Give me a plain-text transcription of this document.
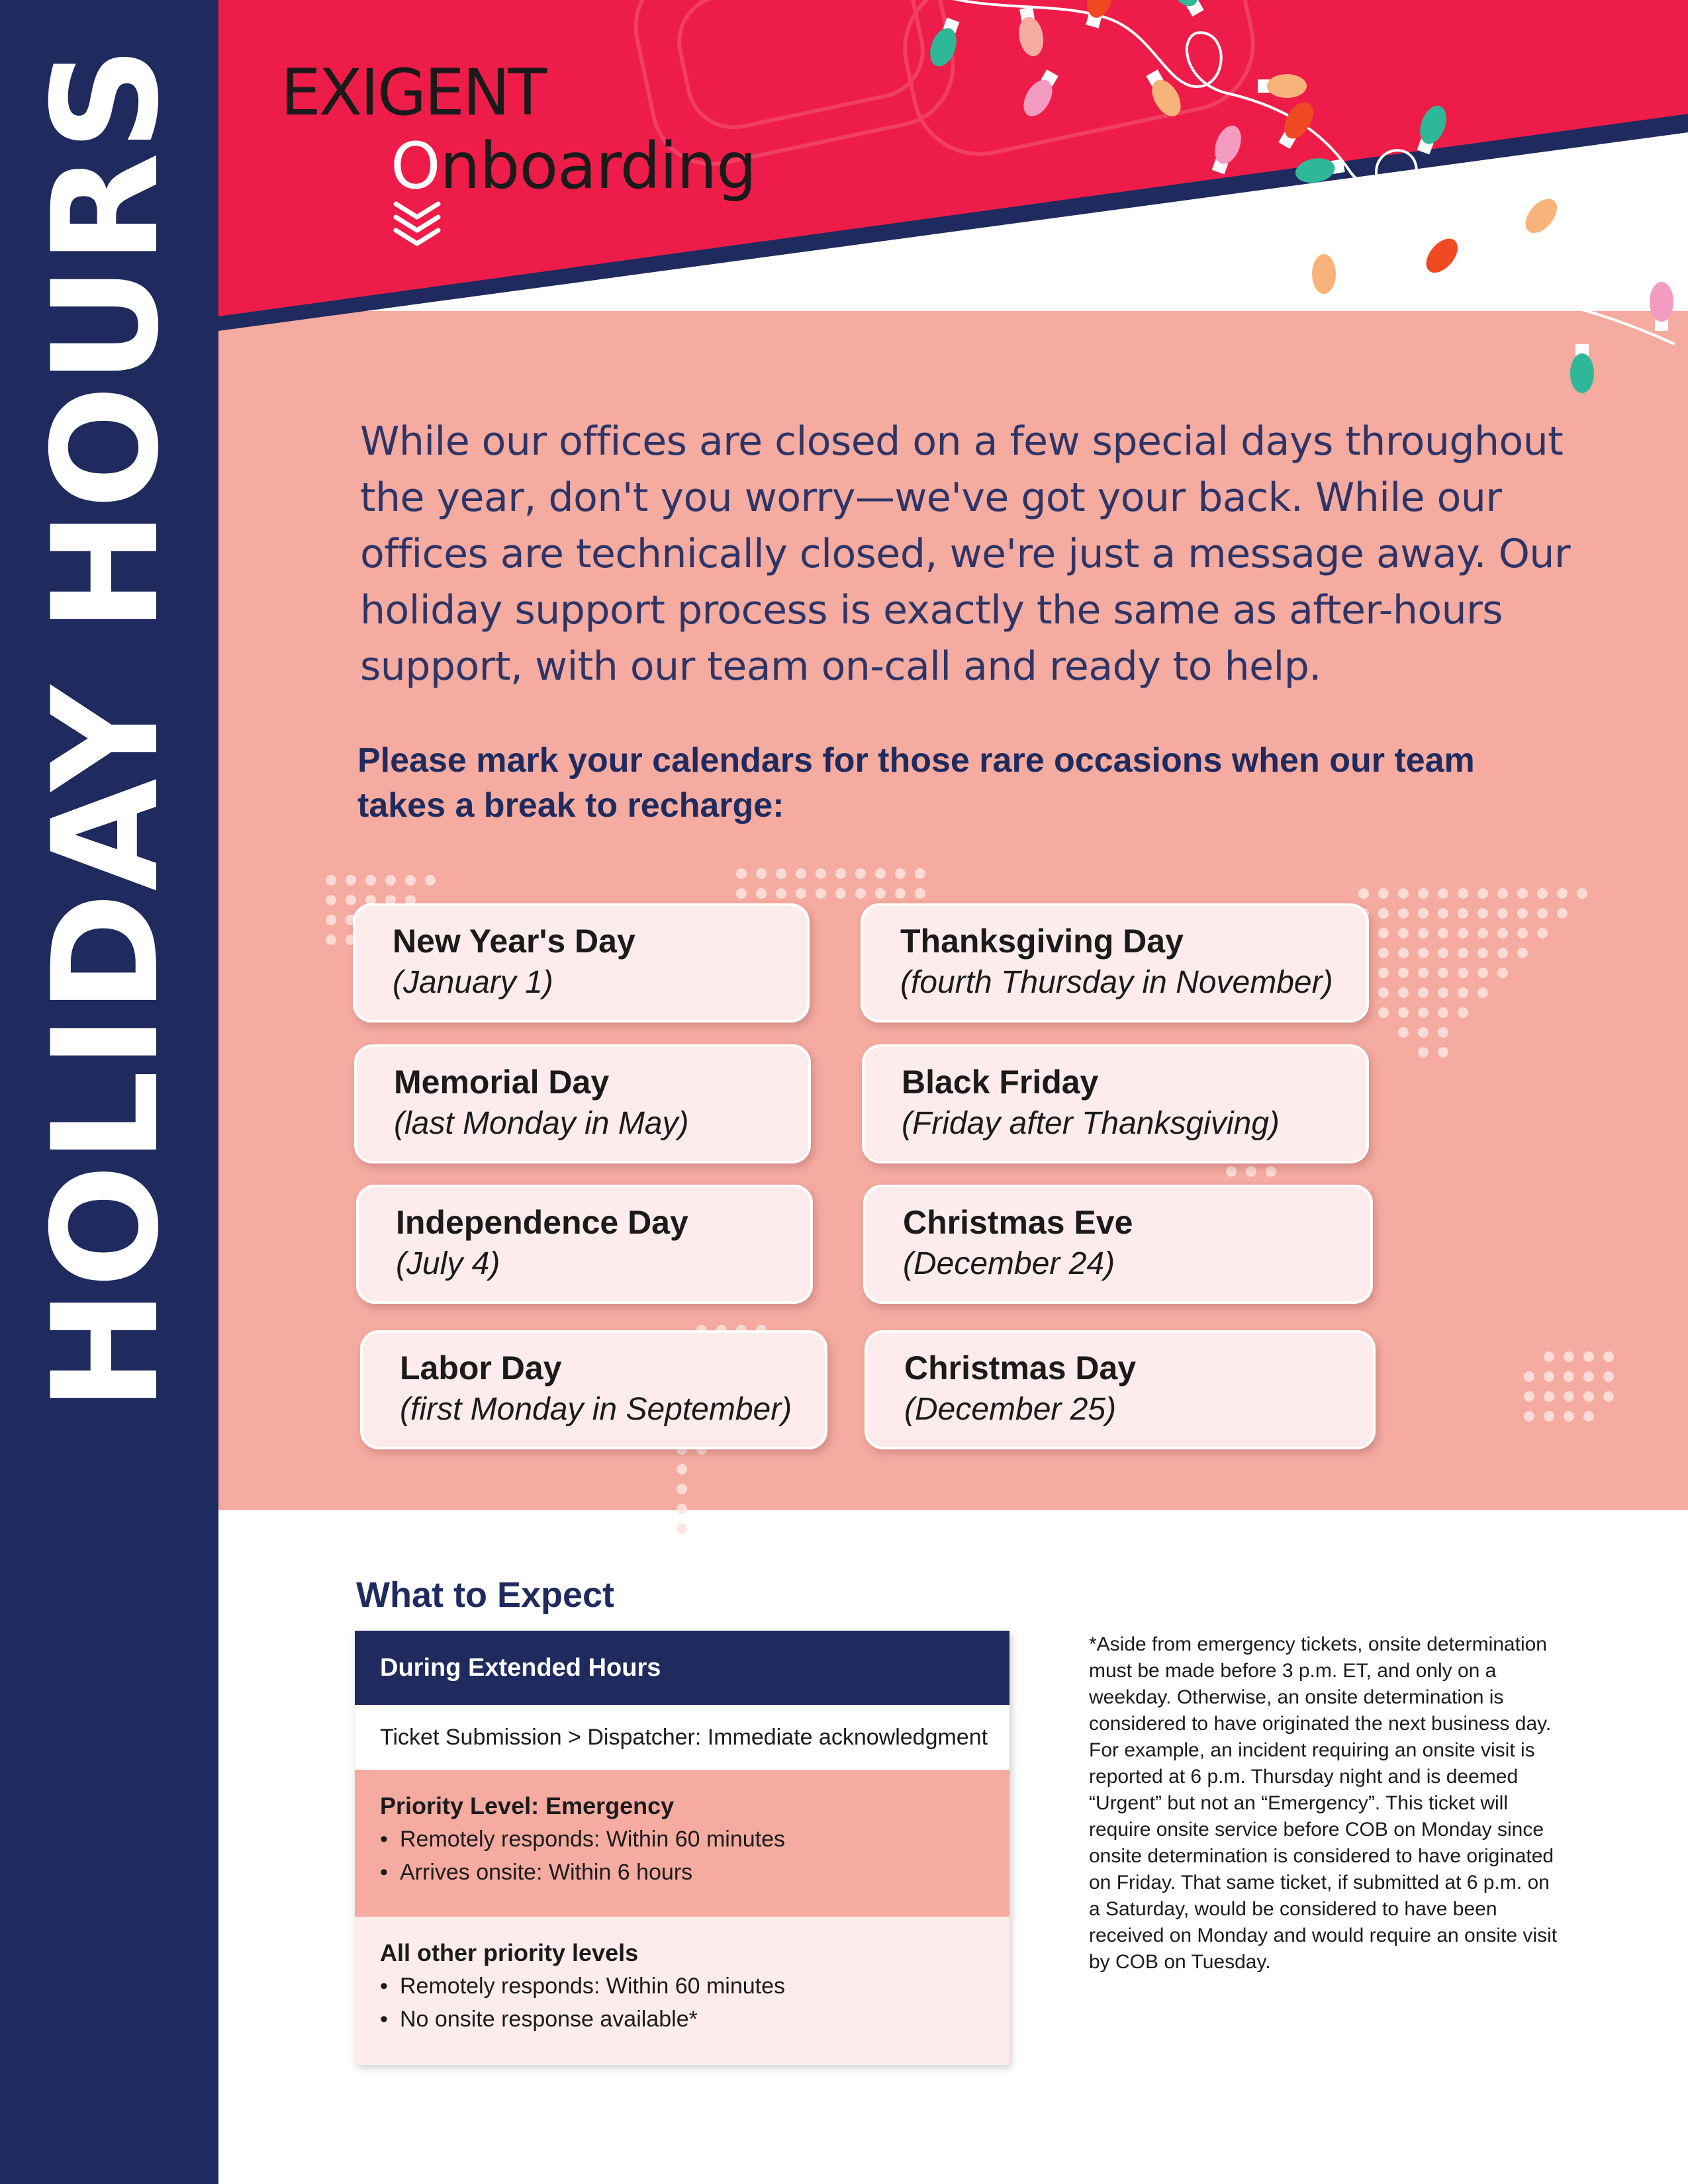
HOLIDAY HOURS EXIGENT
Onboarding

While our offices are closed on a few special days throughout the year, don't you worry—we've got your back. While our offices are technically closed, we're just a message away. Our holiday support process is exactly the same as after-hours support, with our team on-call and ready to help.

Please mark your calendars for those rare occasions when our team takes a break to recharge:

New Year's Day
(January 1)
Thanksgiving Day
(fourth Thursday in November)
Memorial Day
(last Monday in May)
Black Friday
(Friday after Thanksgiving)
Independence Day
(July 4)
Christmas Eve
(December 24)
Labor Day
(first Monday in September)
Christmas Day
(December 25)
What to Expect
During Extended Hours
Ticket Submission > Dispatcher: Immediate acknowledgment
Priority Level: Emergency
• Remotely responds: Within 60 minutes
• Arrives onsite: Within 6 hours
All other priority levels
• Remotely responds: Within 60 minutes
• No onsite response available*

*Aside from emergency tickets, onsite determination must be made before 3 p.m. ET, and only on a weekday. Otherwise, an onsite determination is considered to have originated the next business day. For example, an incident requiring an onsite visit is reported at 6 p.m. Thursday night and is deemed “Urgent” but not an “Emergency”. This ticket will require onsite service before COB on Monday since onsite determination is considered to have originated on Friday. That same ticket, if submitted at 6 p.m. on a Saturday, would be considered to have been received on Monday and would require an onsite visit by COB on Tuesday.
